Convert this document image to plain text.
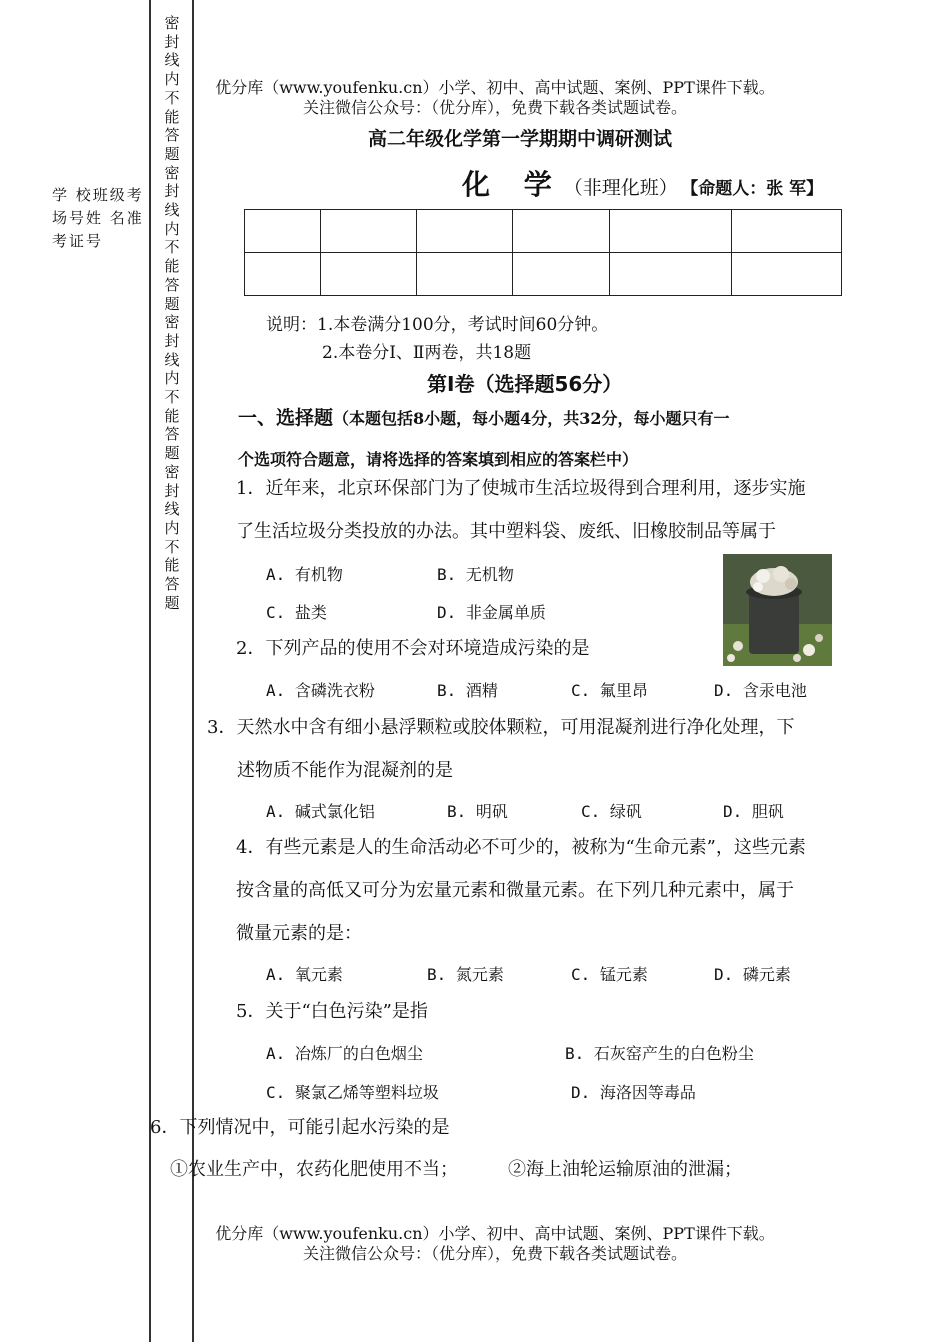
密封线内不能答题密封线内不能答题密封线内不能答题密封线内不能答题
学 校班级考场号姓 名准考证号
优分库（www.youfenku.cn）小学、初中、高中试题、案例、PPT课件下载。
关注微信公众号：（优分库），免费下载各类试题试卷。
高二年级化学第一学期期中调研测试
化 学（非理化班） 【命题人：张 军】

说明：1.本卷满分100分，考试时间60分钟。
2.本卷分Ⅰ、Ⅱ两卷，共18题
第Ⅰ卷（选择题56分）
一、选择题（本题包括8小题，每小题4分，共32分，每小题只有一
个选项符合题意，请将选择的答案填到相应的答案栏中）
1．近年来，北京环保部门为了使城市生活垃圾得到合理利用，逐步实施
了生活垃圾分类投放的办法。其中塑料袋、废纸、旧橡胶制品等属于
A. 有机物	B. 无机物
C. 盐类	D. 非金属单质
2．下列产品的使用不会对环境造成污染的是
A. 含磷洗衣粉	B. 酒精	C. 氟里昂	D. 含汞电池
3．天然水中含有细小悬浮颗粒或胶体颗粒，可用混凝剂进行净化处理，下
述物质不能作为混凝剂的是
A. 碱式氯化铝	B. 明矾	C. 绿矾	D. 胆矾
4．有些元素是人的生命活动必不可少的，被称为“生命元素”，这些元素
按含量的高低又可分为宏量元素和微量元素。在下列几种元素中，属于
微量元素的是：
A. 氧元素	B. 氮元素	C. 锰元素	D. 磷元素
5．关于“白色污染”是指
A. 冶炼厂的白色烟尘	B. 石灰窑产生的白色粉尘
C. 聚氯乙烯等塑料垃圾	D. 海洛因等毒品
6．下列情况中，可能引起水污染的是
①农业生产中，农药化肥使用不当；	②海上油轮运输原油的泄漏；
优分库（www.youfenku.cn）小学、初中、高中试题、案例、PPT课件下载。
关注微信公众号：（优分库），免费下载各类试题试卷。
